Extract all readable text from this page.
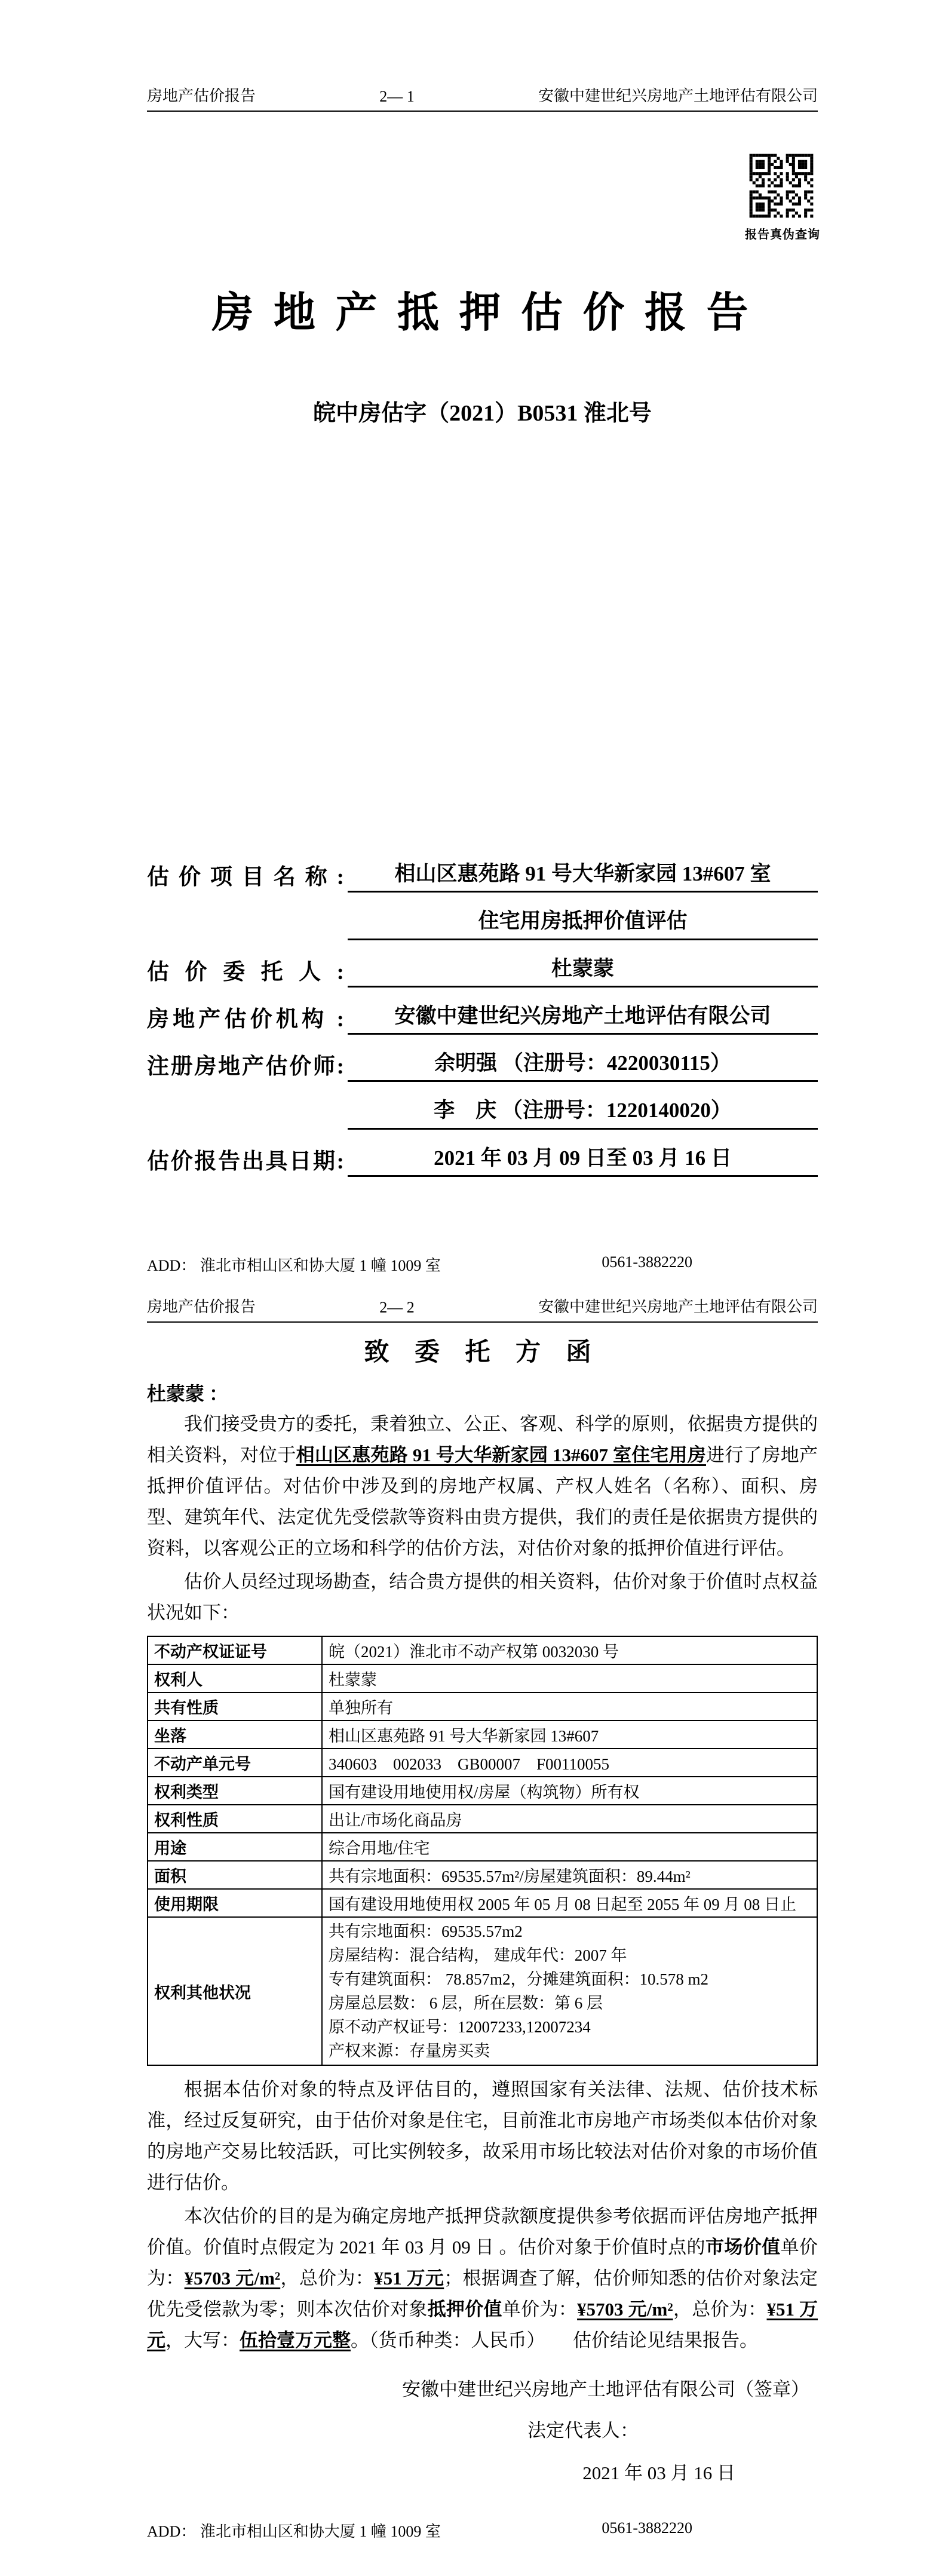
房地产估价报告	2— 1	安徽中建世纪兴房地产土地评估有限公司
报告真伪查询
房 地 产 抵 押 估 价 报 告
皖中房估字（2021）B0531 淮北号
估 价 项 目 名 称 :	相山区惠苑路 91 号大华新家园 13#607 室
住宅用房抵押价值评估
估 价 委 托 人 :	杜蒙蒙
房地产估价机构 :	安徽中建世纪兴房地产土地评估有限公司
注册房地产估价师:	余明强 （注册号：4220030115）
李　庆 （注册号：1220140020）
估价报告出具日期:	2021 年 03 月 09 日至 03 月 16 日
ADD： 淮北市相山区和协大厦 1 幢 1009 室	0561-3882220
房地产估价报告	2— 2	安徽中建世纪兴房地产土地评估有限公司
致 委 托 方 函
杜蒙蒙 ：

我们接受贵方的委托，秉着独立、公正、客观、科学的原则，依据贵方提供的相关资料，对位于相山区惠苑路 91 号大华新家园 13#607 室住宅用房进行了房地产抵押价值评估。对估价中涉及到的房地产权属、产权人姓名（名称）、面积、房型、建筑年代、法定优先受偿款等资料由贵方提供，我们的责任是依据贵方提供的资料，以客观公正的立场和科学的估价方法，对估价对象的抵押价值进行评估。

估价人员经过现场勘查，结合贵方提供的相关资料，估价对象于价值时点权益状况如下：

不动产权证证号	皖（2021）淮北市不动产权第 0032030 号
权利人	杜蒙蒙
共有性质	单独所有
坐落	相山区惠苑路 91 号大华新家园 13#607
不动产单元号	340603　002033　GB00007　F00110055
权利类型	国有建设用地使用权/房屋（构筑物）所有权
权利性质	出让/市场化商品房
用途	综合用地/住宅
面积	共有宗地面积：69535.57m²/房屋建筑面积：89.44m²
使用期限	国有建设用地使用权 2005 年 05 月 08 日起至 2055 年 09 月 08 日止
权利其他状况	
共有宗地面积：69535.57m2
房屋结构：混合结构， 建成年代：2007 年
专有建筑面积： 78.857m2，分摊建筑面积：10.578 m2
房屋总层数： 6 层，所在层数：第 6 层
原不动产权证号：12007233,12007234
产权来源：存量房买卖

根据本估价对象的特点及评估目的，遵照国家有关法律、法规、估价技术标准，经过反复研究，由于估价对象是住宅，目前淮北市房地产市场类似本估价对象的房地产交易比较活跃，可比实例较多，故采用市场比较法对估价对象的市场价值进行估价。

本次估价的目的是为确定房地产抵押贷款额度提供参考依据而评估房地产抵押价值。价值时点假定为 2021 年 03 月 09 日 。估价对象于价值时点的市场价值单价为：¥5703 元/m²，总价为：¥51 万元；根据调查了解，估价师知悉的估价对象法定优先受偿款为零；则本次估价对象抵押价值单价为：¥5703 元/m²，总价为：¥51 万元，大写：伍拾壹万元整。（货币种类：人民币）　　估价结论见结果报告。

安徽中建世纪兴房地产土地评估有限公司（签章）
法定代表人：
2021 年 03 月 16 日
ADD： 淮北市相山区和协大厦 1 幢 1009 室	0561-3882220
